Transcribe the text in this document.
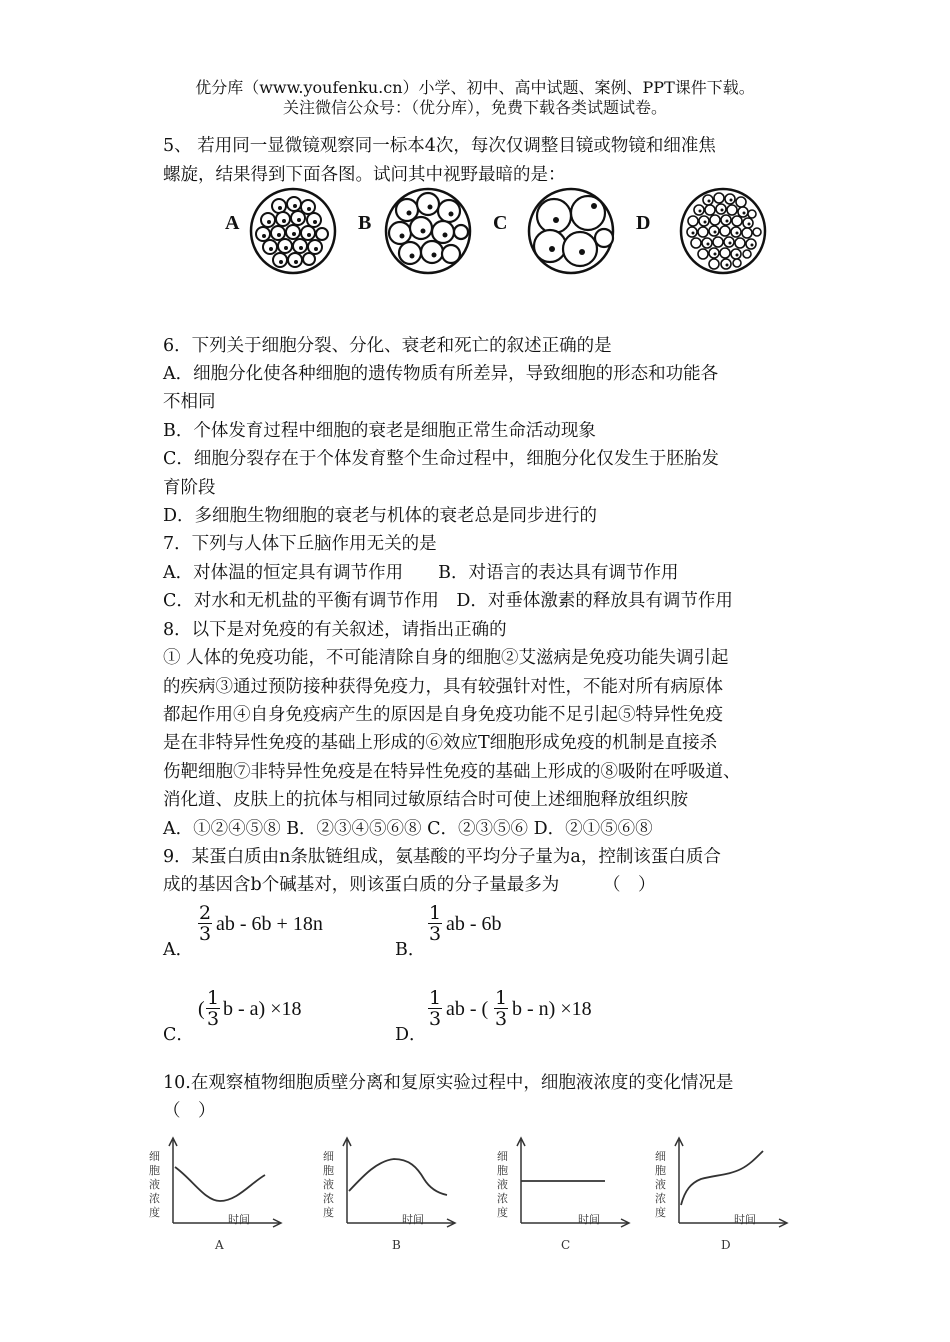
优分库（www.youfenku.cn）小学、初中、高中试题、案例、PPT课件下载。
关注微信公众号：（优分库），免费下载各类试题试卷。
5、 若用同一显微镜观察同一标本4次，每次仅调整目镜或物镜和细准焦
螺旋，结果得到下面各图。试问其中视野最暗的是：
A	B	C	D
6．下列关于细胞分裂、分化、衰老和死亡的叙述正确的是
A．细胞分化使各种细胞的遗传物质有所差异，导致细胞的形态和功能各
不相同
B．个体发育过程中细胞的衰老是细胞正常生命活动现象
C．细胞分裂存在于个体发育整个生命过程中，细胞分化仅发生于胚胎发
育阶段
D．多细胞生物细胞的衰老与机体的衰老总是同步进行的
7．下列与人体下丘脑作用无关的是
A．对体温的恒定具有调节作用　　B．对语言的表达具有调节作用
C．对水和无机盐的平衡有调节作用　D．对垂体激素的释放具有调节作用
8．以下是对免疫的有关叙述，请指出正确的
① 人体的免疫功能，不可能清除自身的细胞②艾滋病是免疫功能失调引起
的疾病③通过预防接种获得免疫力，具有较强针对性，不能对所有病原体
都起作用④自身免疫病产生的原因是自身免疫功能不足引起⑤特异性免疫
是在非特异性免疫的基础上形成的⑥效应T细胞形成免疫的机制是直接杀
伤靶细胞⑦非特异性免疫是在特异性免疫的基础上形成的⑧吸附在呼吸道、
消化道、皮肤上的抗体与相同过敏原结合时可使上述细胞释放组织胺
A．①②④⑤⑧ B．②③④⑤⑥⑧ C．②③⑤⑥ D．②①⑤⑥⑧
9．某蛋白质由n条肽链组成，氨基酸的平均分子量为a，控制该蛋白质合
成的基因含b个碱基对，则该蛋白质的分子量最多为　　　（　）
A．
$\frac{2}{3}$ ab - 6b + 18n
B．
$\frac{1}{3}$ ab - 6b
C．
( $\frac{1}{3}$ b - a) ×18
D．
$\frac{1}{3}$ ab - ( $\frac{1}{3}$ b - n) ×18
10.在观察植物细胞质壁分离和复原实验过程中，细胞液浓度的变化情况是
（　）
细胞液浓度
时间
A
细胞液浓度
时间
B
细胞液浓度
时间
C
细胞液浓度
时间
D
